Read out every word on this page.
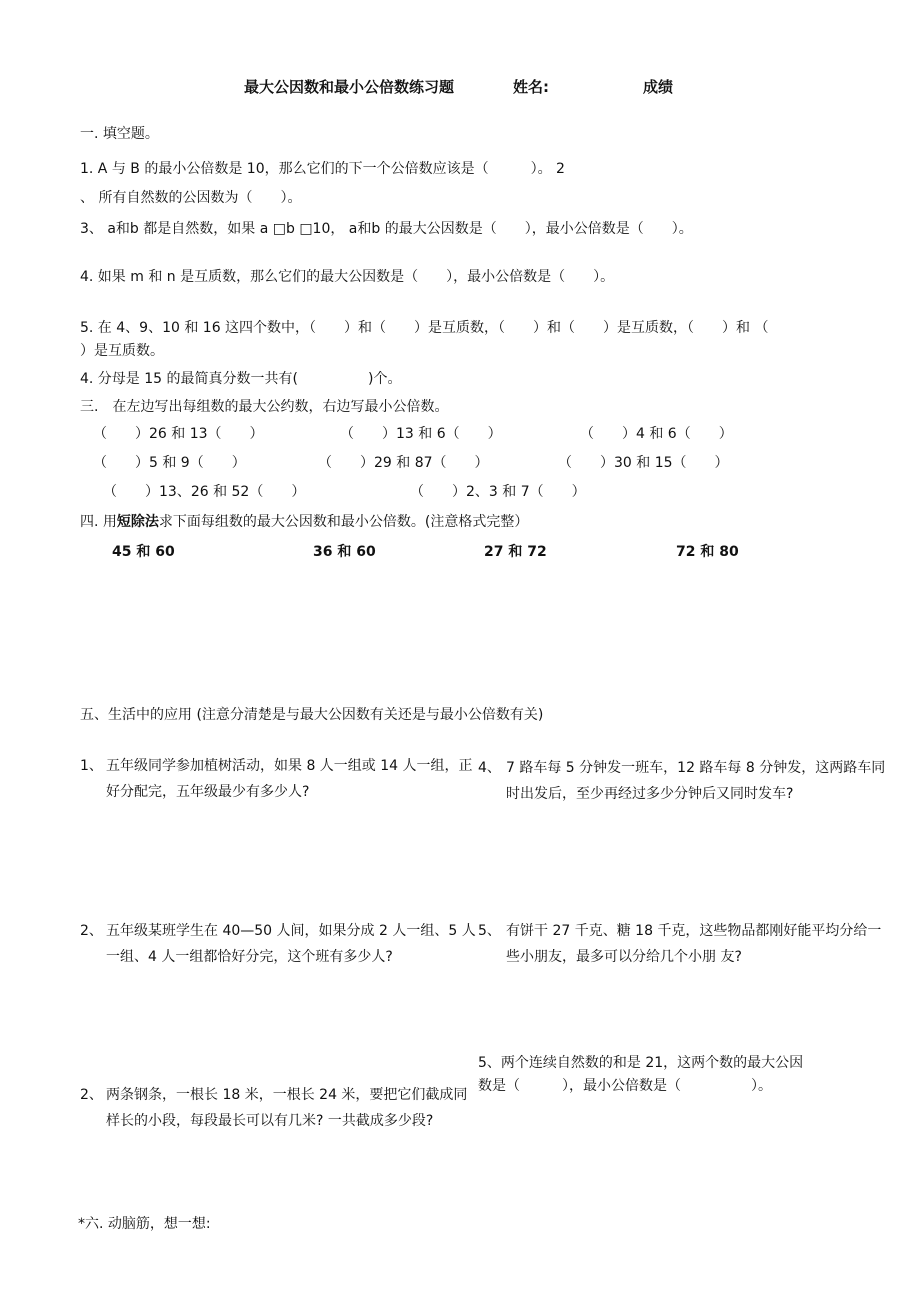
最大公因数和最小公倍数练习题	姓名:	成绩
一. 填空题。
1. A 与 B 的最小公倍数是 10，那么它们的下一个公倍数应该是（　　　）。 2
、 所有自然数的公因数为（　　）。
3、 a和b 都是自然数，如果 a □b □10， a和b 的最大公因数是（　　），最小公倍数是（　　）。
4. 如果 m 和 n 是互质数，那么它们的最大公因数是（　　），最小公倍数是（　　）。
5. 在 4、9、10 和 16 这四个数中，（　　）和（　　）是互质数，（　　）和（　　）是互质数，（　　）和 （
）是互质数。
4. 分母是 15 的最简真分数一共有(　　　　　)个。
三.　在左边写出每组数的最大公约数，右边写最小公倍数。
（　　）26 和 13（　　）	（　　）13 和 6（　　）	（　　）4 和 6（　　）
（　　）5 和 9（　　）	（　　）29 和 87（　　）	（　　）30 和 15（　　）
（　　）13、26 和 52（　　）	（　　）2、3 和 7（　　）
四. 用短除法求下面每组数的最大公因数和最小公倍数。(注意格式完整）
45 和 60	36 和 60	27 和 72	72 和 80
五、生活中的应用 (注意分清楚是与最大公因数有关还是与最小公倍数有关)
1、 五年级同学参加植树活动，如果 8 人一组或 14 人一组，正好分配完，五年级最少有多少人?
4、 7 路车每 5 分钟发一班车，12 路车每 8 分钟发，这两路车同时出发后，至少再经过多少分钟后又同时发车?
2、 五年级某班学生在 40—50 人间，如果分成 2 人一组、5 人一组、4 人一组都恰好分完，这个班有多少人?
5、 有饼干 27 千克、糖 18 千克，这些物品都刚好能平均分给一些小朋友，最多可以分给几个小朋 友?
5、两个连续自然数的和是 21，这两个数的最大公因
数是（　　　），最小公倍数是（　　　　　）。
2、 两条钢条，一根长 18 米，一根长 24 米，要把它们截成同样长的小段，每段最长可以有几米? 一共截成多少段?
*六. 动脑筋，想一想:
